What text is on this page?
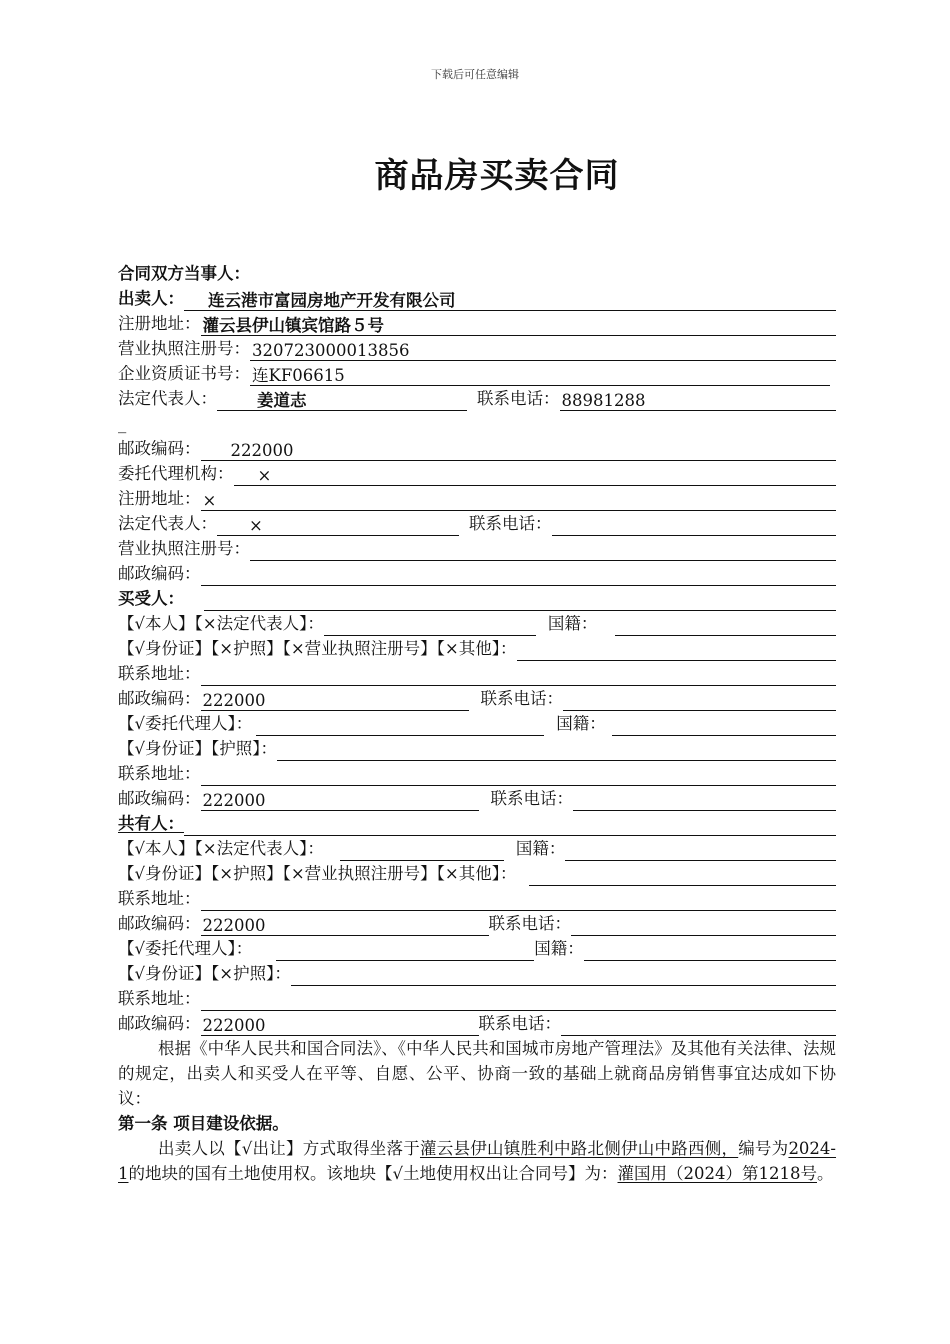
下载后可任意编辑
商品房买卖合同
合同双方当事人：
出卖人：	连云港市富园房地产开发有限公司
注册地址： 灌云县伊山镇宾馆路５号
营业执照注册号： 320723000013856
企业资质证书号： 连KF06615
法定代表人：	姜道志	联系电话： 88981288
_
邮政编码：	222000
委托代理机构：	×
注册地址： ×
法定代表人：	×	联系电话：
营业执照注册号：
邮政编码：
买受人：
【√本人】【×法定代表人】：	国籍：
【√身份证】【×护照】【×营业执照注册号】【×其他】：
联系地址：
邮政编码： 222000	联系电话：
【√委托代理人】：	国籍：
【√身份证】【护照】：
联系地址：
邮政编码： 222000	联系电话：
共有人：
【√本人】【×法定代表人】：	国籍：
【√身份证】【×护照】【×营业执照注册号】【×其他】：
联系地址：
邮政编码： 222000	联系电话：
【√委托代理人】：	国籍：
【√身份证】【×护照】：
联系地址：
邮政编码： 222000	联系电话：
根据《中华人民共和国合同法》、《中华人民共和国城市房地产管理法》及其他有关法律、法规的规定，出卖人和买受人在平等、自愿、公平、协商一致的基础上就商品房销售事宜达成如下协议：
第一条 项目建设依据。
出卖人以【√出让】方式取得坐落于灌云县伊山镇胜利中路北侧伊山中路西侧，编号为2024-1的地块的国有土地使用权。该地块【√土地使用权出让合同号】为：灌国用（2024）第1218号。
